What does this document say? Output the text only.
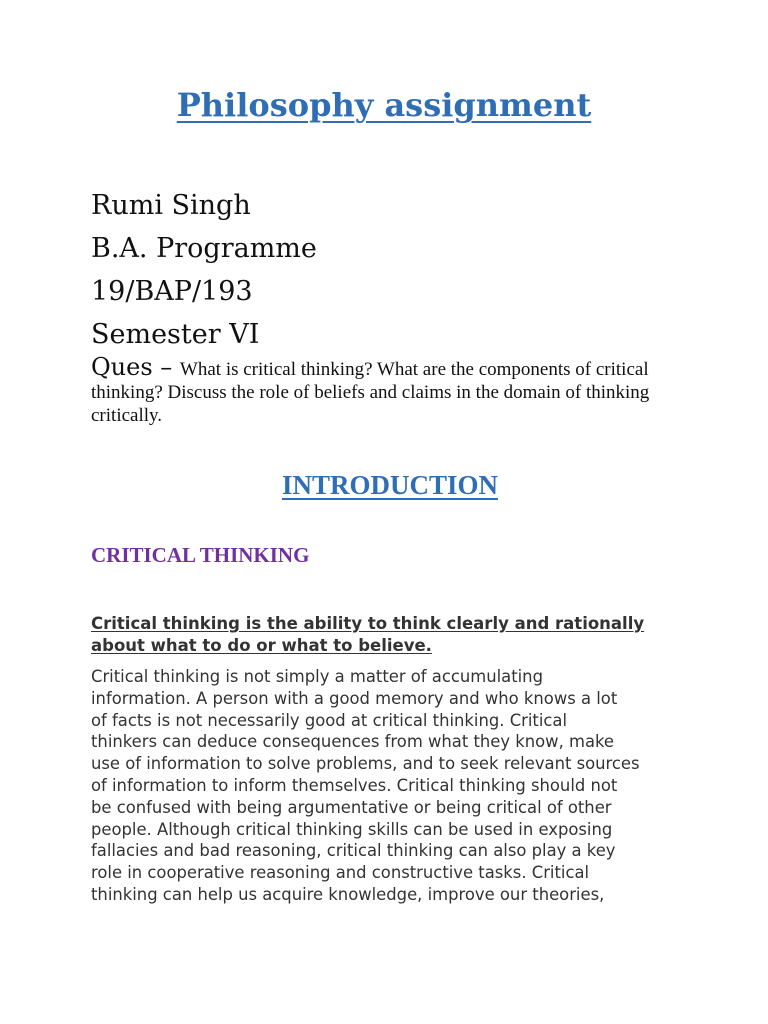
Philosophy assignment
Rumi Singh
B.A. Programme
19/BAP/193
Semester VI

Ques – What is critical thinking? What are the components of critical thinking? Discuss the role of beliefs and claims in the domain of thinking critically.

INTRODUCTION
CRITICAL THINKING

Critical thinking is the ability to think clearly and rationally about what to do or what to believe.

Critical thinking is not simply a matter of accumulating
information. A person with a good memory and who knows a lot
of facts is not necessarily good at critical thinking. Critical
thinkers can deduce consequences from what they know, make
use of information to solve problems, and to seek relevant sources
of information to inform themselves. Critical thinking should not
be confused with being argumentative or being critical of other
people. Although critical thinking skills can be used in exposing
fallacies and bad reasoning, critical thinking can also play a key
role in cooperative reasoning and constructive tasks. Critical
thinking can help us acquire knowledge, improve our theories,
